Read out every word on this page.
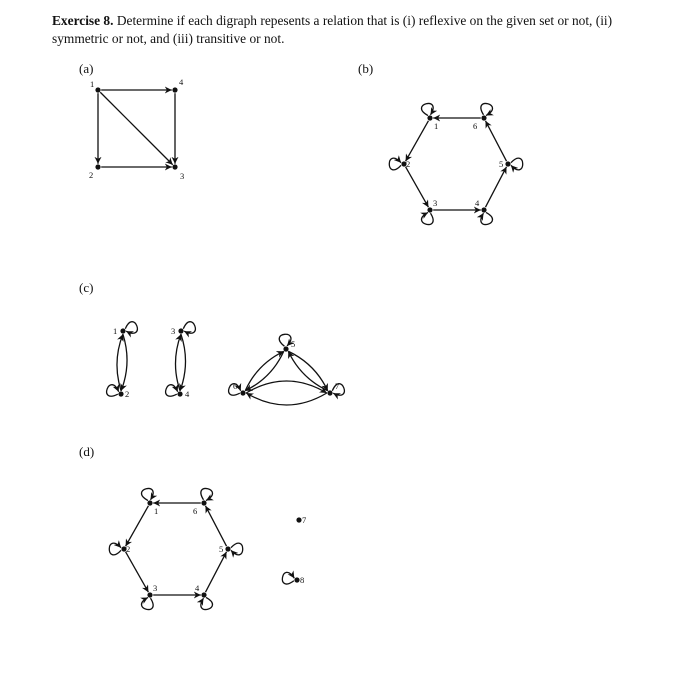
Exercise 8. Determine if each digraph repesents a relation that is (i) reflexive on the given set or not, (ii) symmetric or not, and (iii) transitive or not.
(a)
1	4
2	3
(b)
1	6
2	5
3	4
(c)
1
2
3
4
5
6	7
(d)
1	6
2	5
3	4
7
8
